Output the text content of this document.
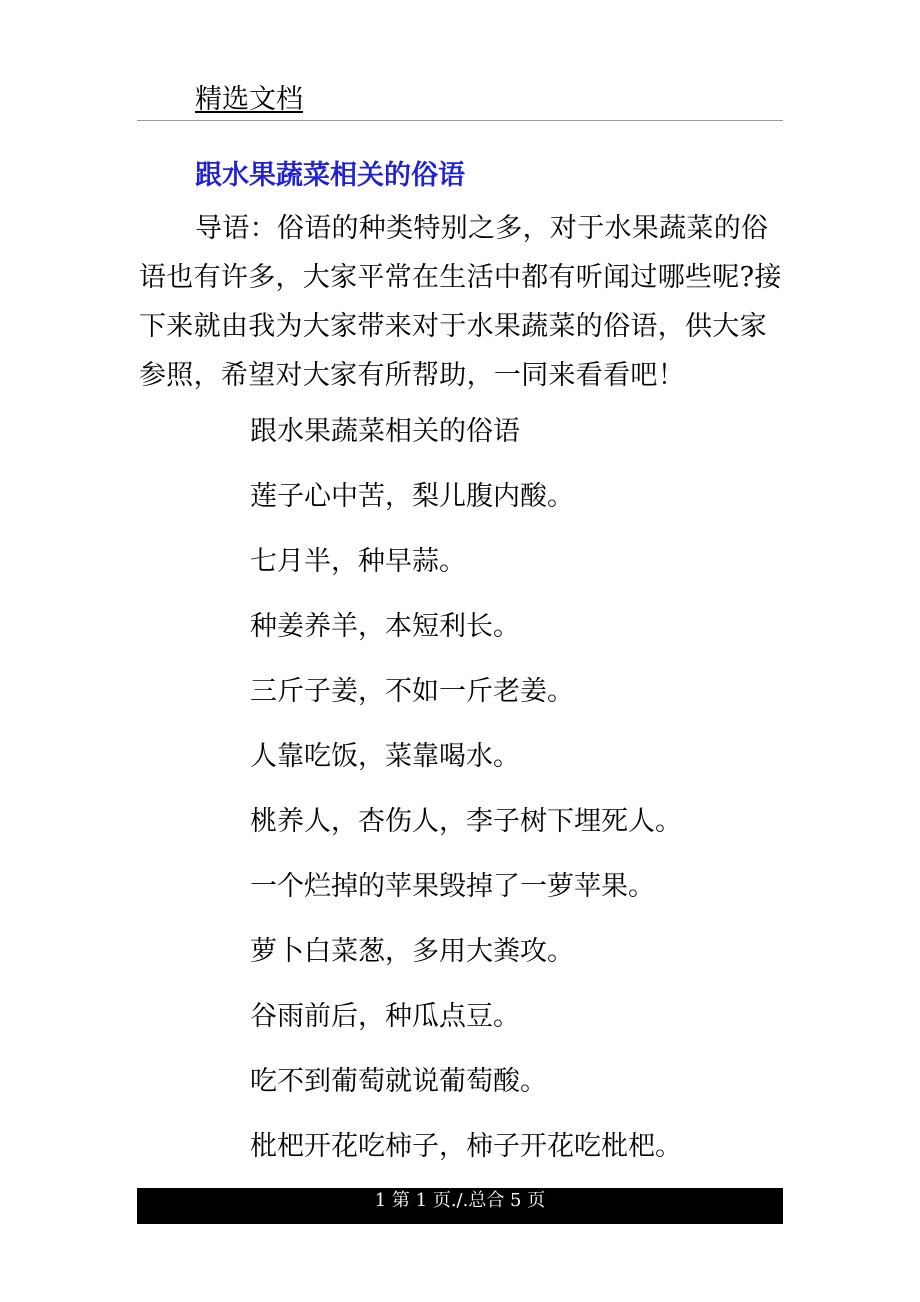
精选文档
跟水果蔬菜相关的俗语

导语：俗语的种类特别之多，对于水果蔬菜的俗语也有许多，大家平常在生活中都有听闻过哪些呢?接下来就由我为大家带来对于水果蔬菜的俗语，供大家参照，希望对大家有所帮助，一同来看看吧！

跟水果蔬菜相关的俗语
莲子心中苦，梨儿腹内酸。
七月半，种早蒜。
种姜养羊，本短利长。
三斤子姜，不如一斤老姜。
人靠吃饭，菜靠喝水。
桃养人，杏伤人，李子树下埋死人。
一个烂掉的苹果毁掉了一萝苹果。
萝卜白菜葱，多用大粪攻。
谷雨前后，种瓜点豆。
吃不到葡萄就说葡萄酸。
枇杷开花吃柿子，柿子开花吃枇杷。
1 第 1 页./.总合 5 页
